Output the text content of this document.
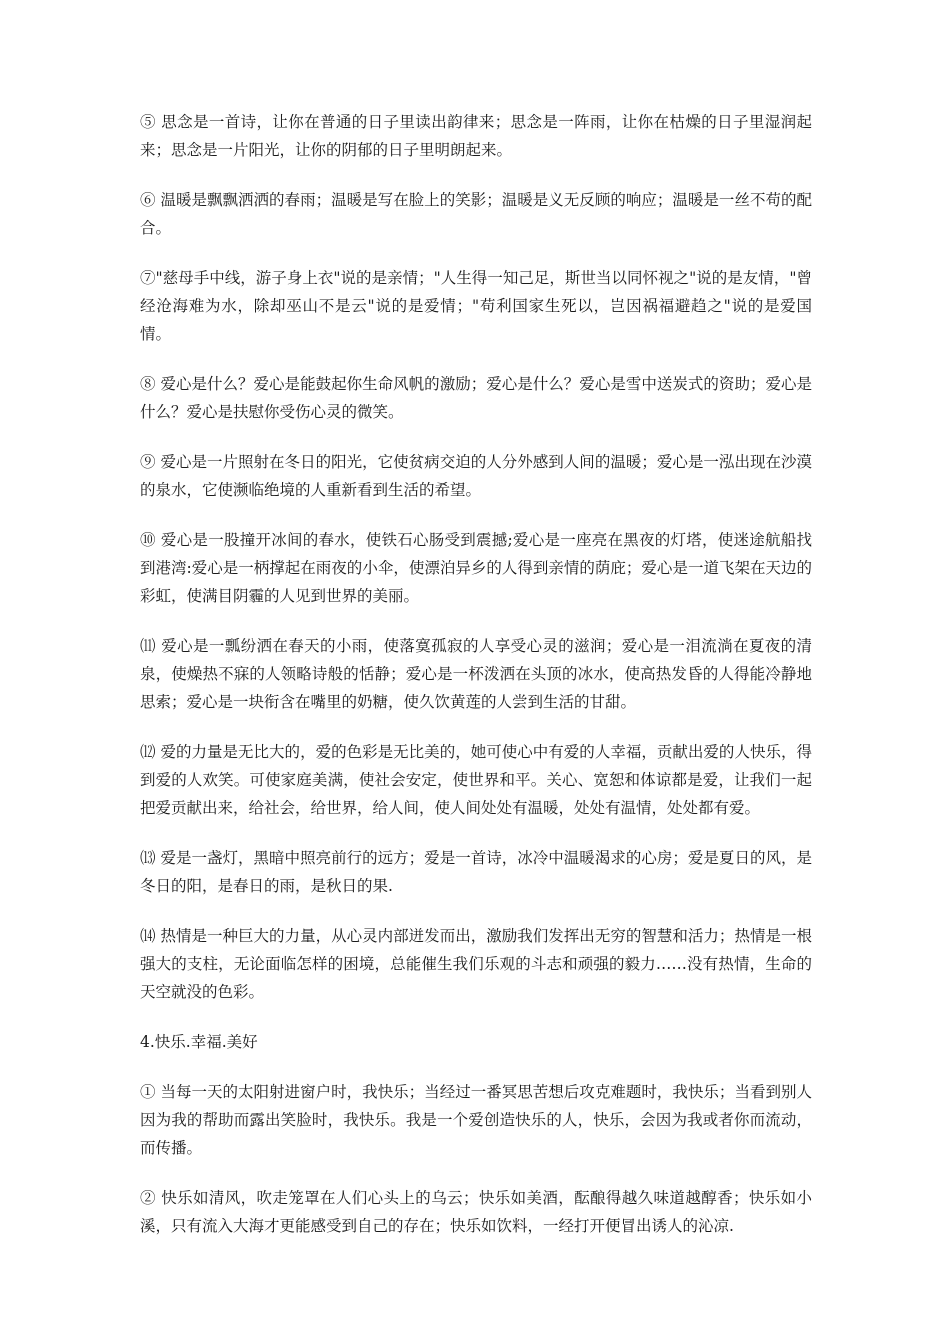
⑤ 思念是一首诗，让你在普通的日子里读出韵律来；思念是一阵雨，让你在枯燥的日子里湿润起来；思念是一片阳光，让你的阴郁的日子里明朗起来。

⑥ 温暖是飘飘洒洒的春雨；温暖是写在脸上的笑影；温暖是义无反顾的响应；温暖是一丝不苟的配合。

⑦"慈母手中线，游子身上衣"说的是亲情；"人生得一知己足，斯世当以同怀视之"说的是友情，"曾经沧海难为水，除却巫山不是云"说的是爱情；"苟利国家生死以，岂因祸福避趋之"说的是爱国情。

⑧ 爱心是什么？爱心是能鼓起你生命风帆的激励；爱心是什么？爱心是雪中送炭式的资助；爱心是什么？爱心是扶慰你受伤心灵的微笑。

⑨ 爱心是一片照射在冬日的阳光，它使贫病交迫的人分外感到人间的温暖；爱心是一泓出现在沙漠的泉水，它使濒临绝境的人重新看到生活的希望。

⑩ 爱心是一股撞开冰间的春水，使铁石心肠受到震撼;爱心是一座亮在黑夜的灯塔，使迷途航船找到港湾:爱心是一柄撑起在雨夜的小伞，使漂泊异乡的人得到亲情的荫庇；爱心是一道飞架在天边的彩虹，使满目阴霾的人见到世界的美丽。

⑾ 爱心是一瓢纷洒在春天的小雨，使落寞孤寂的人享受心灵的滋润；爱心是一泪流淌在夏夜的清泉，使燥热不寐的人领略诗般的恬静；爱心是一杯泼洒在头顶的冰水，使高热发昏的人得能冷静地思索；爱心是一块衔含在嘴里的奶糖，使久饮黄莲的人尝到生活的甘甜。

⑿ 爱的力量是无比大的，爱的色彩是无比美的，她可使心中有爱的人幸福，贡献出爱的人快乐，得到爱的人欢笑。可使家庭美满，使社会安定，使世界和平。关心、宽恕和体谅都是爱，让我们一起把爱贡献出来，给社会，给世界，给人间，使人间处处有温暖，处处有温情，处处都有爱。

⒀ 爱是一盏灯，黑暗中照亮前行的远方；爱是一首诗，冰冷中温暖渴求的心房；爱是夏日的风，是冬日的阳，是春日的雨，是秋日的果.

⒁ 热情是一种巨大的力量，从心灵内部迸发而出，激励我们发挥出无穷的智慧和活力；热情是一根强大的支柱，无论面临怎样的困境，总能催生我们乐观的斗志和顽强的毅力……没有热情，生命的天空就没的色彩。

4.快乐.幸福.美好

① 当每一天的太阳射进窗户时，我快乐；当经过一番冥思苦想后攻克难题时，我快乐；当看到别人因为我的帮助而露出笑脸时，我快乐。我是一个爱创造快乐的人，快乐，会因为我或者你而流动，而传播。

② 快乐如清风，吹走笼罩在人们心头上的乌云；快乐如美酒，酝酿得越久味道越醇香；快乐如小溪，只有流入大海才更能感受到自己的存在；快乐如饮料，一经打开便冒出诱人的沁凉.
